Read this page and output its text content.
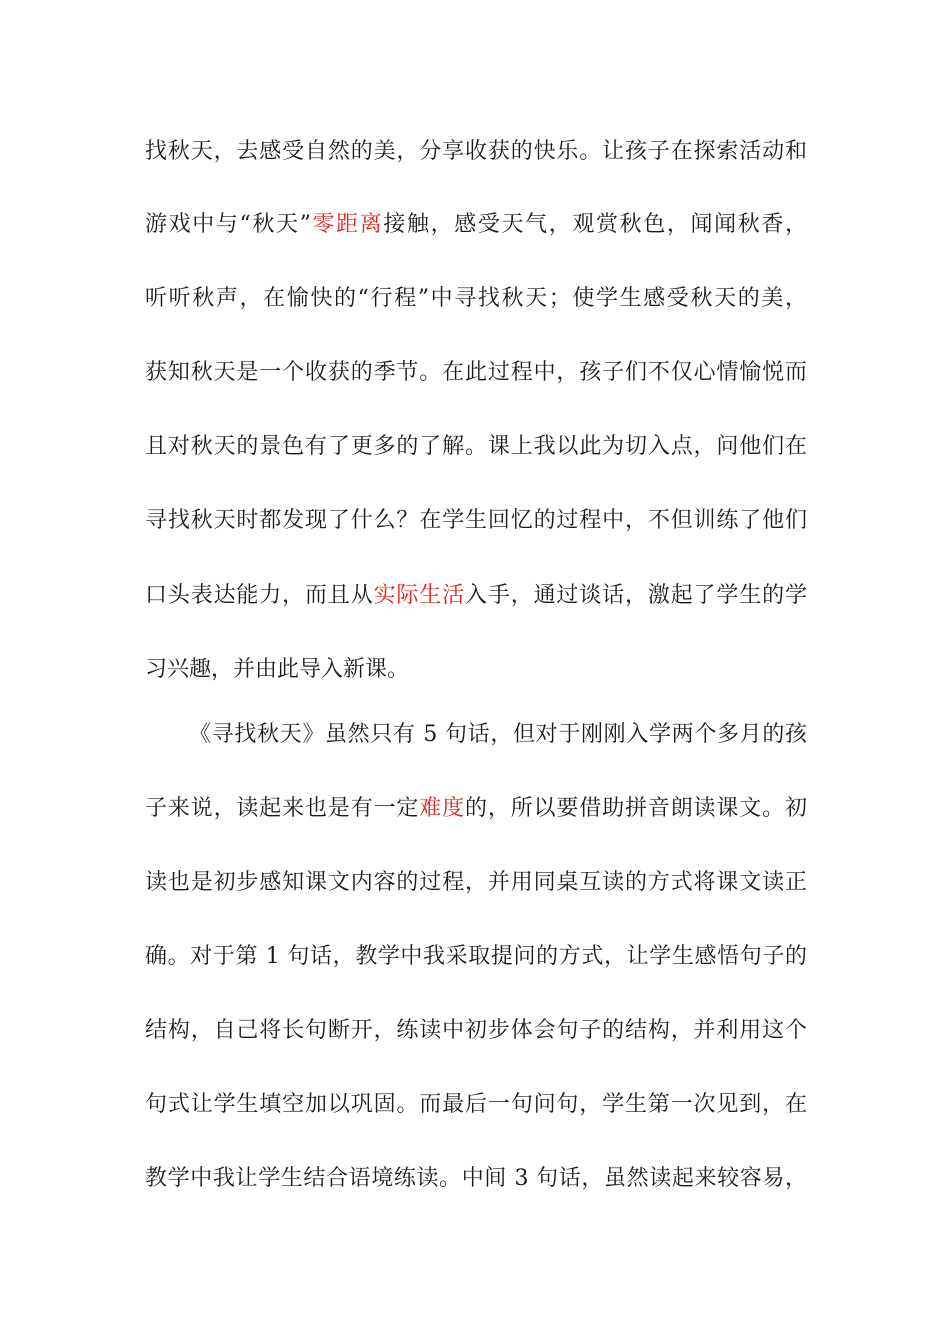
找秋天，去感受自然的美，分享收获的快乐。让孩子在探索活动和
游戏中与“秋天”零距离接触，感受天气，观赏秋色，闻闻秋香，
听听秋声，在愉快的“行程”中寻找秋天；使学生感受秋天的美，
获知秋天是一个收获的季节。在此过程中，孩子们不仅心情愉悦而
且对秋天的景色有了更多的了解。课上我以此为切入点，问他们在
寻找秋天时都发现了什么？在学生回忆的过程中，不但训练了他们
口头表达能力，而且从实际生活入手，通过谈话，激起了学生的学
习兴趣，并由此导入新课。
《寻找秋天》虽然只有 5 句话，但对于刚刚入学两个多月的孩
子来说，读起来也是有一定难度的，所以要借助拼音朗读课文。初
读也是初步感知课文内容的过程，并用同桌互读的方式将课文读正
确。对于第 1 句话，教学中我采取提问的方式，让学生感悟句子的
结构，自己将长句断开，练读中初步体会句子的结构，并利用这个
句式让学生填空加以巩固。而最后一句问句，学生第一次见到，在
教学中我让学生结合语境练读。中间 3 句话，虽然读起来较容易，
